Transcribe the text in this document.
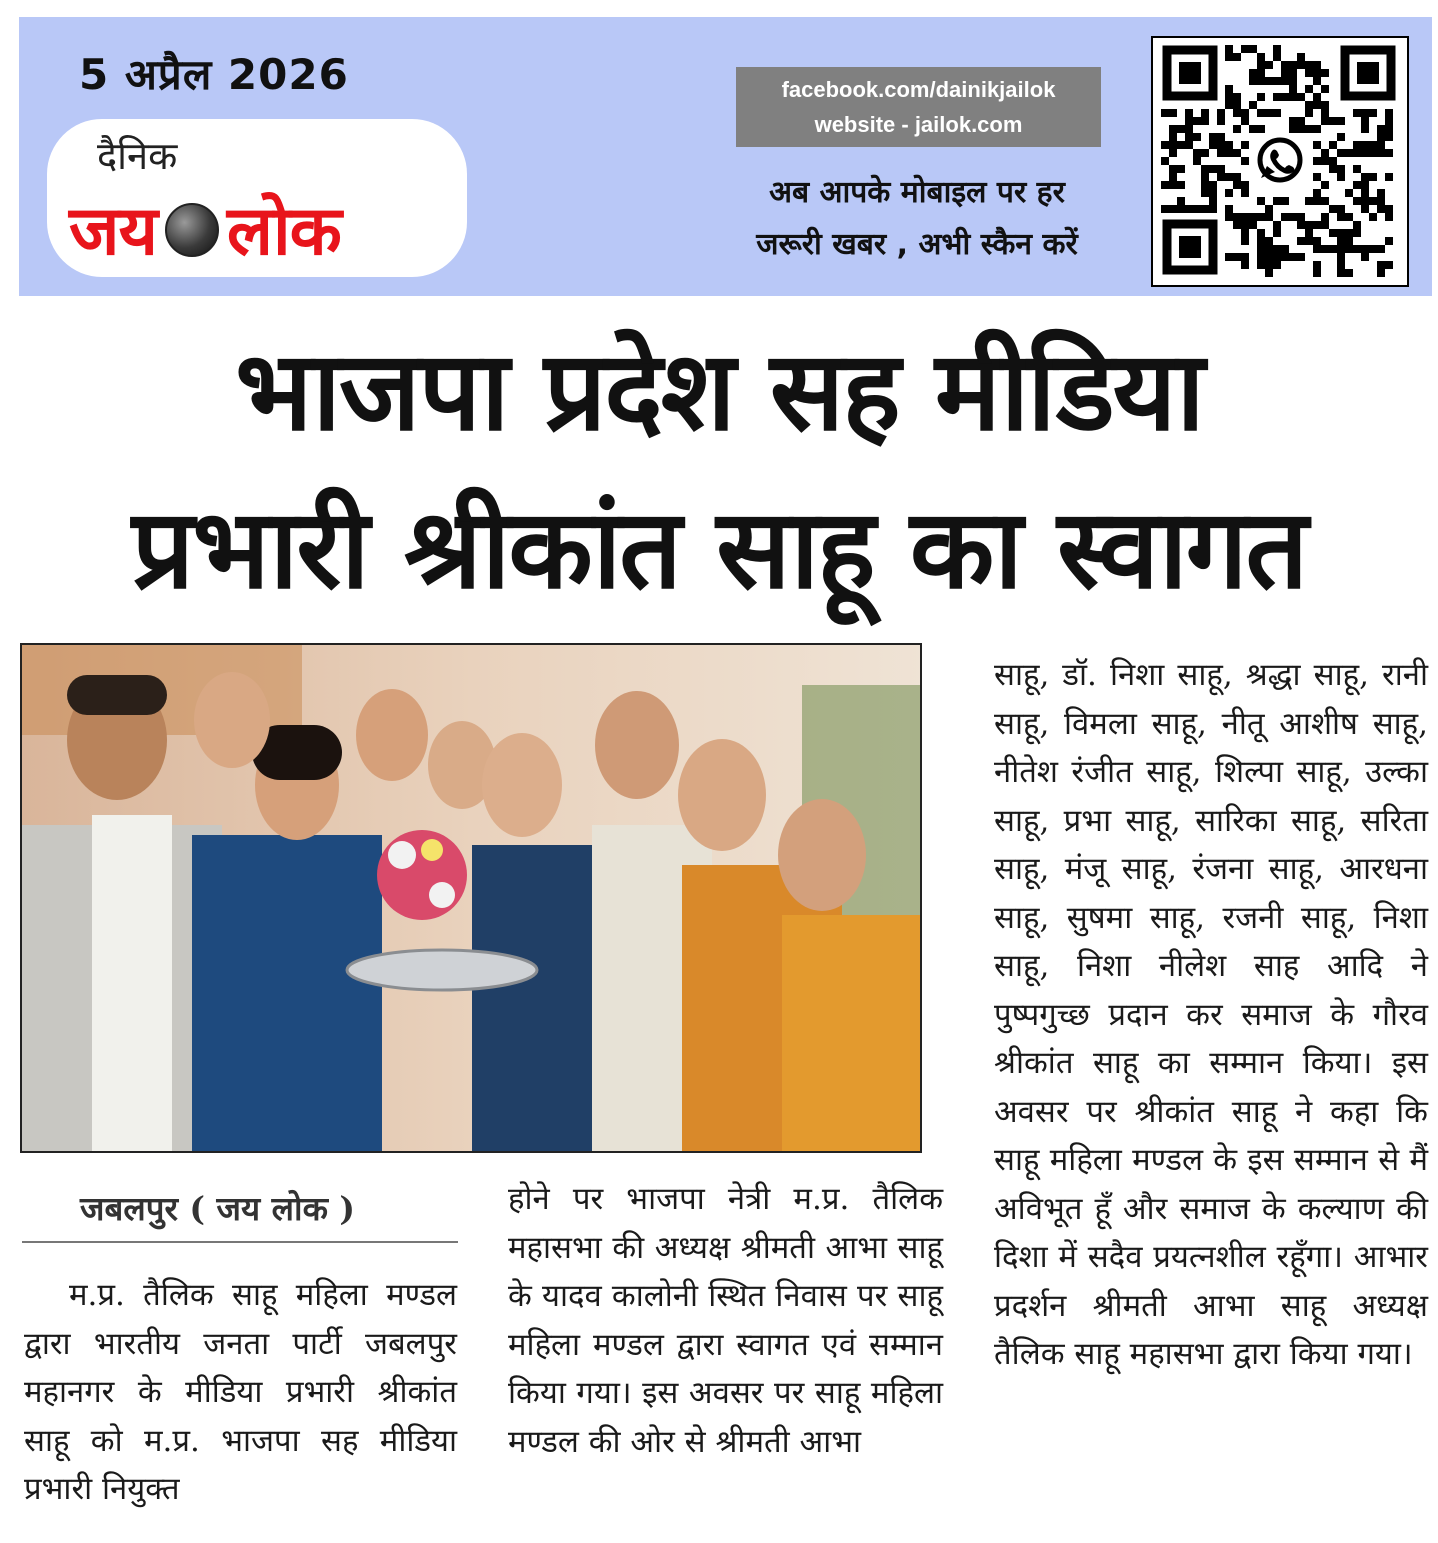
5 अप्रैल 2026
दैनिक
जय लोक
facebook.com/dainikjailok
website - jailok.com
अब आपके मोबाइल पर हर
जरूरी खबर , अभी स्कैन करें
भाजपा प्रदेश सह मीडिया
प्रभारी श्रीकांत साहू का स्वागत
जबलपुर ( जय लोक )
म.प्र. तैलिक साहू महिला मण्डल द्वारा भारतीय जनता पार्टी जबलपुर महानगर के मीडिया प्रभारी श्रीकांत साहू को म.प्र. भाजपा सह मीडिया प्रभारी नियुक्त
होने पर भाजपा नेत्री म.प्र. तैलिक महासभा की अध्यक्ष श्रीमती आभा साहू के यादव कालोनी स्थित निवास पर साहू महिला मण्डल द्वारा स्वागत एवं सम्मान किया गया। इस अवसर पर साहू महिला मण्डल की ओर से श्रीमती आभा
साहू, डॉ. निशा साहू, श्रद्धा साहू, रानी साहू, विमला साहू, नीतू आशीष साहू, नीतेश रंजीत साहू, शिल्पा साहू, उल्का साहू, प्रभा साहू, सारिका साहू, सरिता साहू, मंजू साहू, रंजना साहू, आरधना साहू, सुषमा साहू, रजनी साहू, निशा साहू, निशा नीलेश साह आदि ने पुष्पगुच्छ प्रदान कर समाज के गौरव श्रीकांत साहू का सम्मान किया। इस अवसर पर श्रीकांत साहू ने कहा कि साहू महिला मण्डल के इस सम्मान से मैं अविभूत हूँ और समाज के कल्याण की दिशा में सदैव प्रयत्नशील रहूँगा। आभार प्रदर्शन श्रीमती आभा साहू अध्यक्ष तैलिक साहू महासभा द्वारा किया गया।
